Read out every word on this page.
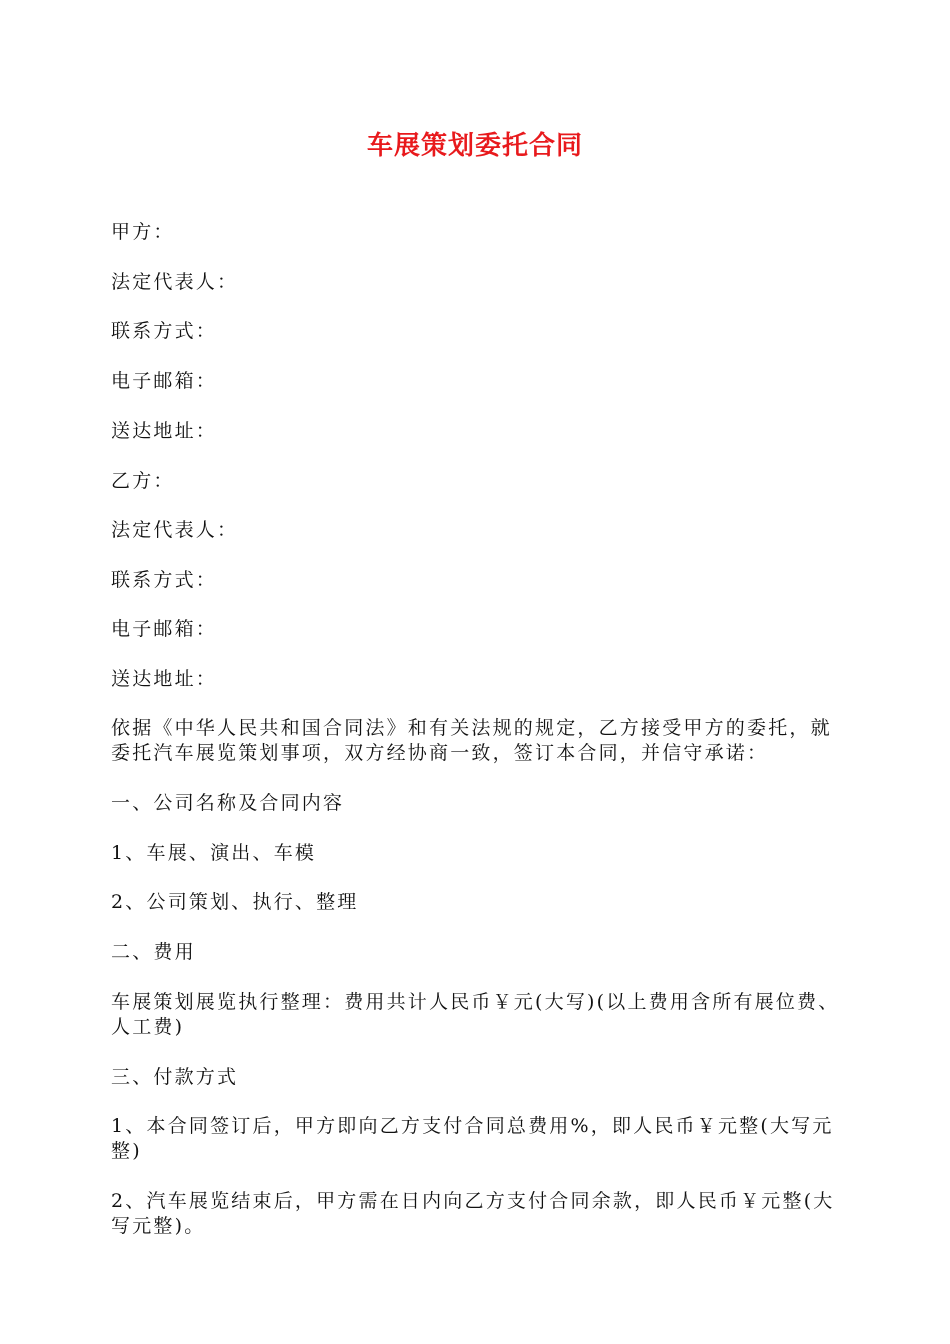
车展策划委托合同
甲方：
法定代表人：
联系方式：
电子邮箱：
送达地址：
乙方：
法定代表人：
联系方式：
电子邮箱：
送达地址：
依据《中华人民共和国合同法》和有关法规的规定，乙方接受甲方的委托，就委托汽车展览策划事项，双方经协商一致，签订本合同，并信守承诺：
一、公司名称及合同内容
1、车展、演出、车模
2、公司策划、执行、整理
二、费用
车展策划展览执行整理：费用共计人民币￥元(大写)(以上费用含所有展位费、人工费)
三、付款方式
1、本合同签订后，甲方即向乙方支付合同总费用%，即人民币￥元整(大写元整)
2、汽车展览结束后，甲方需在日内向乙方支付合同余款，即人民币￥元整(大写元整)。
